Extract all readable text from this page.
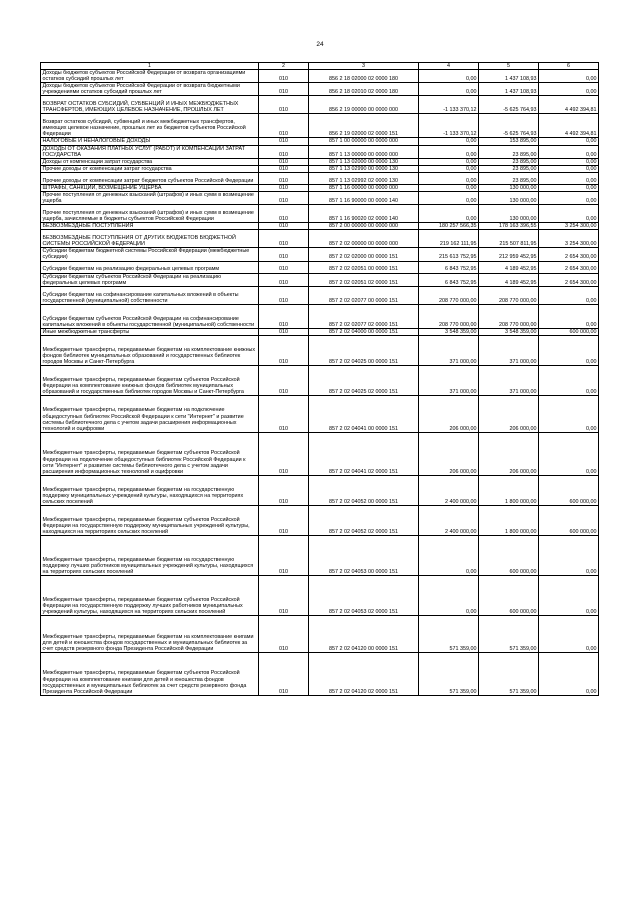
24
1	2	3	4	5	6
Доходы бюджетов субъектов Российской Федерации от возврата организациями остатков субсидий прошлых лет	010	856 2 18 02000 02 0000 180	0,00	1 437 108,93	0,00
Доходы бюджетов субъектов Российской Федерации от возврата бюджетными учреждениями остатков субсидий прошлых лет	010	856 2 18 02010 02 0000 180	0,00	1 437 108,93	0,00
ВОЗВРАТ ОСТАТКОВ СУБСИДИЙ, СУБВЕНЦИЙ И ИНЫХ МЕЖБЮДЖЕТНЫХ ТРАНСФЕРТОВ, ИМЕЮЩИХ ЦЕЛЕВОЕ НАЗНАЧЕНИЕ, ПРОШЛЫХ ЛЕТ	010	856 2 19 00000 00 0000 000	-1 133 370,12	-5 625 764,93	4 492 394,81
Возврат остатков субсидий, субвенций и иных межбюджетных трансфертов, имеющих целевое назначение, прошлых лет из бюджетов субъектов Российской Федерации	010	856 2 19 02000 02 0000 151	-1 133 370,12	-5 625 764,93	4 492 394,81
НАЛОГОВЫЕ И НЕНАЛОГОВЫЕ ДОХОДЫ	010	857 1 00 00000 00 0000 000	0,00	153 895,00	0,00
ДОХОДЫ ОТ ОКАЗАНИЯ ПЛАТНЫХ УСЛУГ (РАБОТ) И КОМПЕНСАЦИИ ЗАТРАТ ГОСУДАРСТВА	010	857 1 13 00000 00 0000 000	0,00	23 895,00	0,00
Доходы от компенсации затрат государства	010	857 1 13 02000 00 0000 130	0,00	23 895,00	0,00
Прочие доходы от компенсации затрат государства	010	857 1 13 02990 00 0000 130	0,00	23 895,00	0,00
Прочие доходы от компенсации затрат бюджетов субъектов Российской Федерации	010	857 1 13 02992 02 0000 130	0,00	23 895,00	0,00
ШТРАФЫ, САНКЦИИ, ВОЗМЕЩЕНИЕ УЩЕРБА	010	857 1 16 00000 00 0000 000	0,00	130 000,00	0,00
Прочие поступления от денежных взысканий (штрафов) и иных сумм в возмещение ущерба	010	857 1 16 90000 00 0000 140	0,00	130 000,00	0,00
Прочие поступления от денежных взысканий (штрафов) и иных сумм в возмещение ущерба, зачисляемые в бюджеты субъектов Российской Федерации	010	857 1 16 90020 02 0000 140	0,00	130 000,00	0,00
БЕЗВОЗМЕЗДНЫЕ ПОСТУПЛЕНИЯ	010	857 2 00 00000 00 0000 000	180 257 566,35	178 163 396,55	3 254 300,00
БЕЗВОЗМЕЗДНЫЕ ПОСТУПЛЕНИЯ ОТ ДРУГИХ БЮДЖЕТОВ БЮДЖЕТНОЙ СИСТЕМЫ РОССИЙСКОЙ ФЕДЕРАЦИИ	010	857 2 02 00000 00 0000 000	219 162 111,95	215 507 811,95	3 254 300,00
Субсидии бюджетам бюджетной системы Российской Федерации (межбюджетные субсидии)	010	857 2 02 02000 00 0000 151	215 613 752,95	212 959 452,95	2 654 300,00
Субсидии бюджетам на реализацию федеральных целевых программ	010	857 2 02 02051 00 0000 151	6 843 752,95	4 189 452,95	2 654 300,00
Субсидии бюджетам субъектов Российской Федерации на реализацию федеральных целевых программ	010	857 2 02 02051 02 0000 151	6 843 752,95	4 189 452,95	2 654 300,00
Субсидии бюджетам на софинансирование капитальных вложений в объекты государственной (муниципальной) собственности	010	857 2 02 02077 00 0000 151	208 770 000,00	208 770 000,00	0,00
Субсидии бюджетам субъектов Российской Федерации на софинансирование капитальных вложений в объекты государственной (муниципальной) собственности	010	857 2 02 02077 02 0000 151	208 770 000,00	208 770 000,00	0,00
Иные межбюджетные трансферты	010	857 2 02 04000 00 0000 151	3 548 359,00	3 548 359,00	600 000,00
Межбюджетные трансферты, передаваемые бюджетам на комплектование книжных фондов библиотек муниципальных образований и государственных библиотек городов Москвы и Санкт-Петербурга	010	857 2 02 04025 00 0000 151	371 000,00	371 000,00	0,00
Межбюджетные трансферты, передаваемые бюджетам субъектов Российской Федерации на комплектование книжных фондов библиотек муниципальных образований и государственных библиотек городов Москвы и Санкт-Петербурга	010	857 2 02 04025 02 0000 151	371 000,00	371 000,00	0,00
Межбюджетные трансферты, передаваемые бюджетам на подключение общедоступных библиотек Российской Федерации к сети "Интернет" и развитие системы библиотечного дела с учетом задачи расширения информационных технологий и оцифровки	010	857 2 02 04041 00 0000 151	206 000,00	206 000,00	0,00
Межбюджетные трансферты, передаваемые бюджетам субъектов Российской Федерации на подключение общедоступных библиотек Российской Федерации к сети "Интернет" и развитие системы библиотечного дела с учетом задачи расширения информационных технологий и оцифровки	010	857 2 02 04041 02 0000 151	206 000,00	206 000,00	0,00
Межбюджетные трансферты, передаваемые бюджетам на государственную поддержку муниципальных учреждений культуры, находящихся на территориях сельских поселений	010	857 2 02 04052 00 0000 151	2 400 000,00	1 800 000,00	600 000,00
Межбюджетные трансферты, передаваемые бюджетам субъектов Российской Федерации на государственную поддержку муниципальных учреждений культуры, находящихся на территориях сельских поселений	010	857 2 02 04052 02 0000 151	2 400 000,00	1 800 000,00	600 000,00
Межбюджетные трансферты, передаваемые бюджетам на государственную поддержку лучших работников муниципальных учреждений культуры, находящихся на территориях сельских поселений	010	857 2 02 04053 00 0000 151	0,00	600 000,00	0,00
Межбюджетные трансферты, передаваемые бюджетам субъектов Российской Федерации на государственную поддержку лучших работников муниципальных учреждений культуры, находящихся на территориях сельских поселений	010	857 2 02 04053 02 0000 151	0,00	600 000,00	0,00
Межбюджетные трансферты, передаваемые бюджетам на комплектование книгами для детей и юношества фондов государственных и муниципальных библиотек за счет средств резервного фонда Президента Российской Федерации	010	857 2 02 04120 00 0000 151	571 359,00	571 359,00	0,00
Межбюджетные трансферты, передаваемые бюджетам субъектов Российской Федерации на комплектование книгами для детей и юношества фондов государственных и муниципальных библиотек за счет средств резервного фонда Президента Российской Федерации	010	857 2 02 04120 02 0000 151	571 359,00	571 359,00	0,00
